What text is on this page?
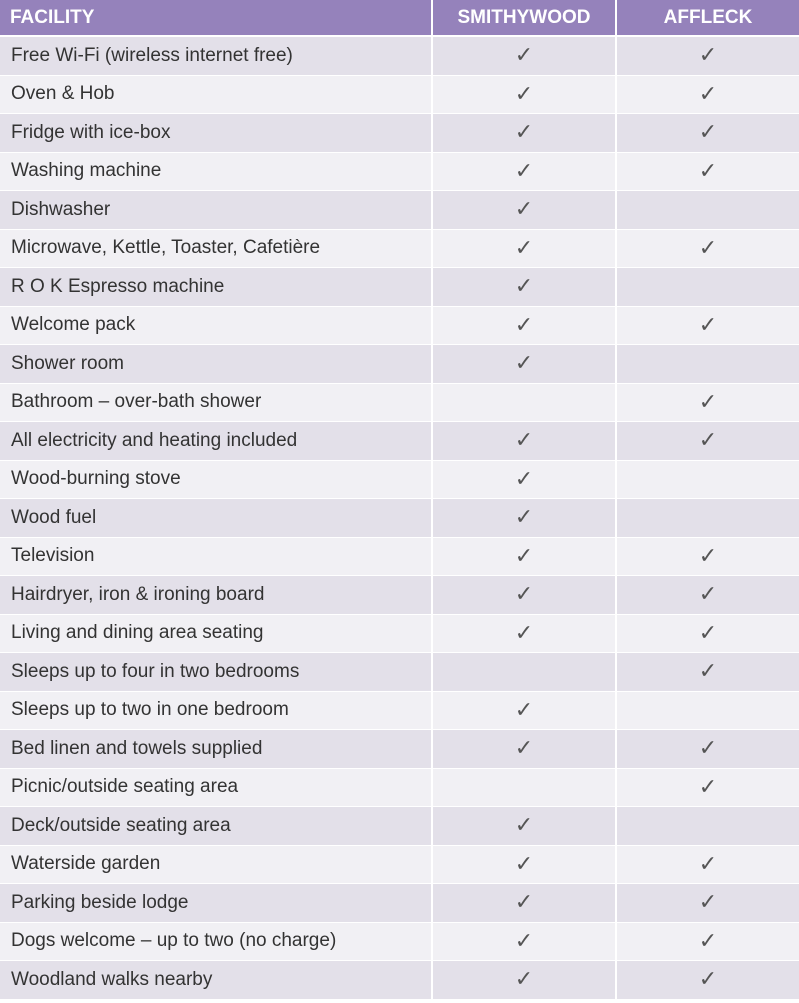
FACILITY	SMITHYWOOD	AFFLECK
Free Wi-Fi (wireless internet free)	✓	✓
Oven & Hob	✓	✓
Fridge with ice-box	✓	✓
Washing machine	✓	✓
Dishwasher	✓	
Microwave, Kettle, Toaster, Cafetière	✓	✓
R O K Espresso machine	✓	
Welcome pack	✓	✓
Shower room	✓	
Bathroom – over-bath shower		✓
All electricity and heating included	✓	✓
Wood-burning stove	✓	
Wood fuel	✓	
Television	✓	✓
Hairdryer, iron & ironing board	✓	✓
Living and dining area seating	✓	✓
Sleeps up to four in two bedrooms		✓
Sleeps up to two in one bedroom	✓	
Bed linen and towels supplied	✓	✓
Picnic/outside seating area		✓
Deck/outside seating area	✓	
Waterside garden	✓	✓
Parking beside lodge	✓	✓
Dogs welcome – up to two (no charge)	✓	✓
Woodland walks nearby	✓	✓
